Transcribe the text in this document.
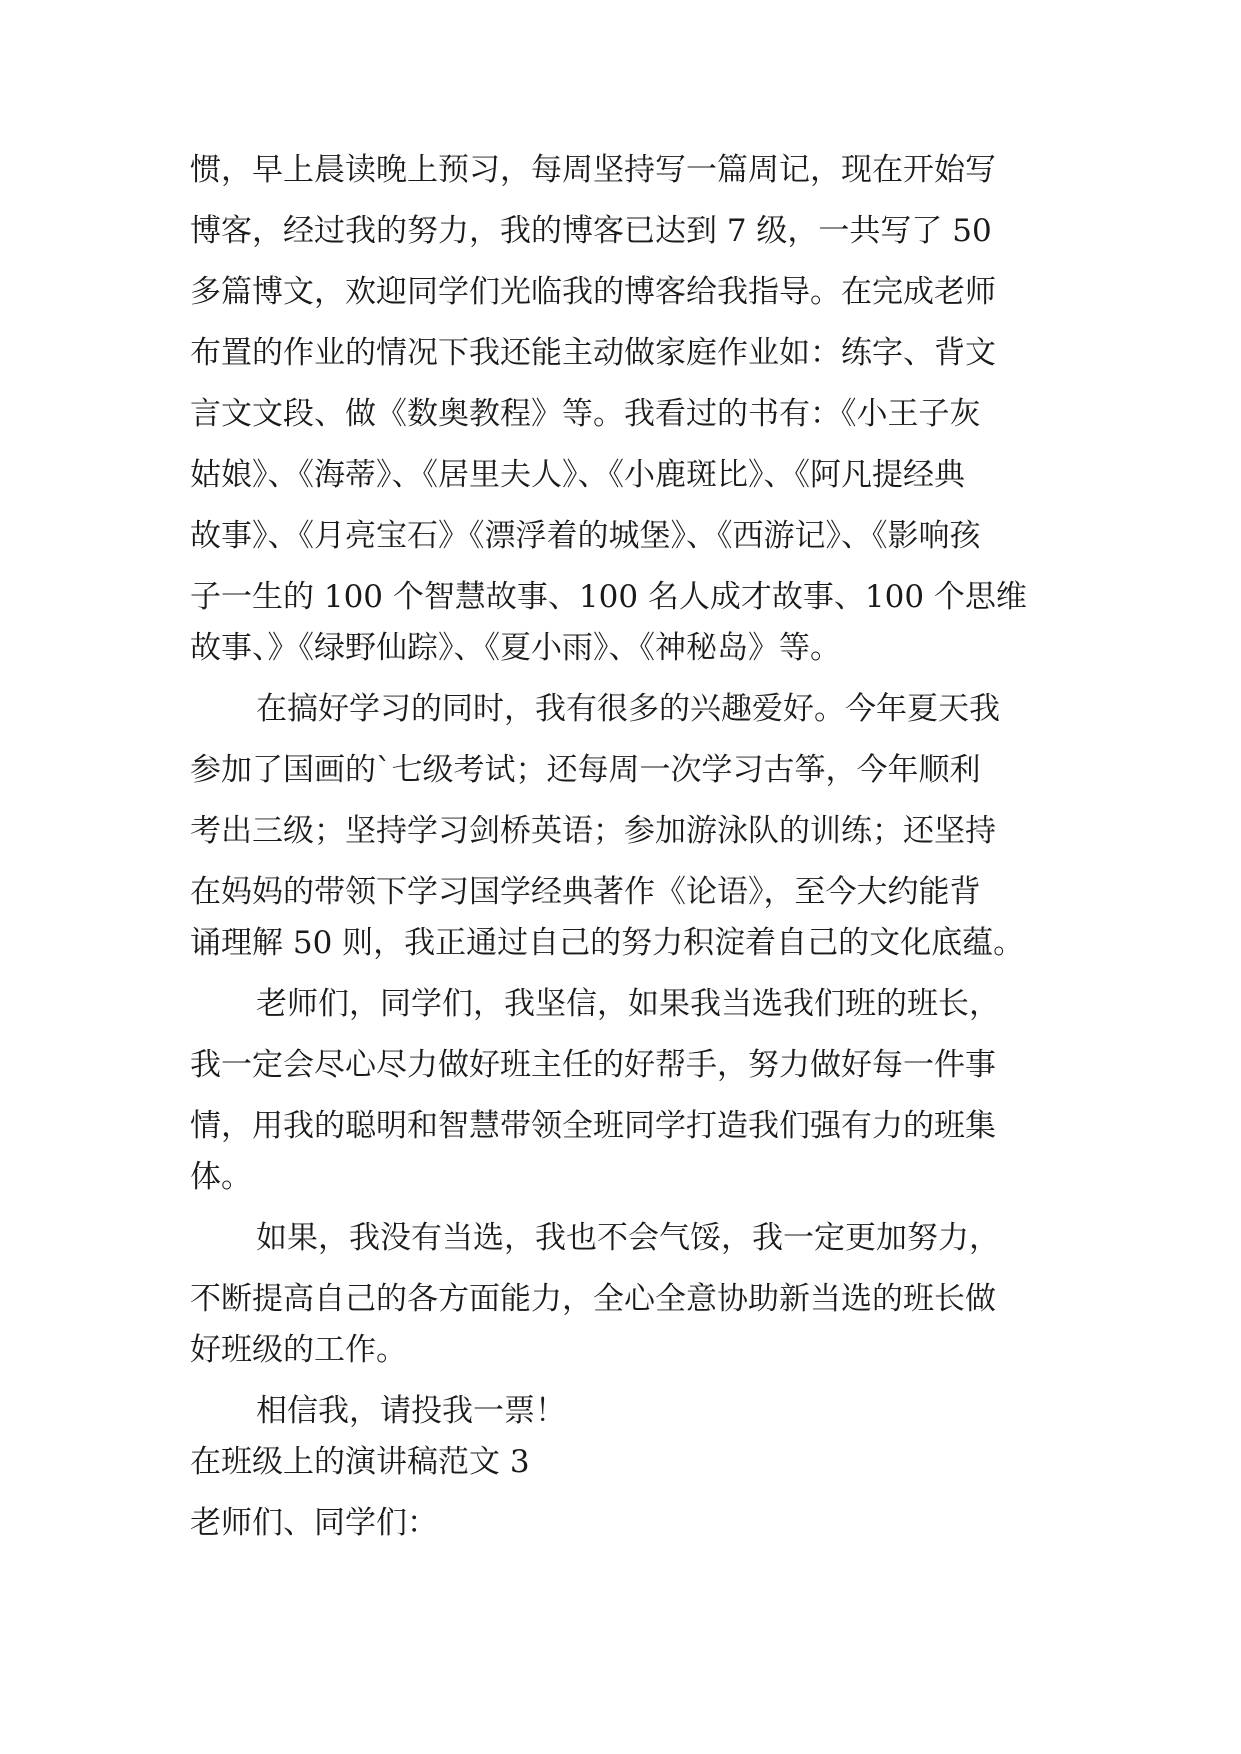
惯，早上晨读晚上预习，每周坚持写一篇周记，现在开始写
博客，经过我的努力，我的博客已达到 7 级，一共写了 50
多篇博文，欢迎同学们光临我的博客给我指导。在完成老师
布置的作业的情况下我还能主动做家庭作业如：练字、背文
言文文段、做《数奥教程》等。我看过的书有：《小王子灰
姑娘》、《海蒂》、《居里夫人》、《小鹿斑比》、《阿凡提经典
故事》、《月亮宝石》《漂浮着的城堡》、《西游记》、《影响孩
子一生的 100 个智慧故事、100 名人成才故事、100 个思维
故事、》《绿野仙踪》、《夏小雨》、《神秘岛》等。
在搞好学习的同时，我有很多的兴趣爱好。今年夏天我
参加了国画的`七级考试；还每周一次学习古筝，今年顺利
考出三级；坚持学习剑桥英语；参加游泳队的训练；还坚持
在妈妈的带领下学习国学经典著作《论语》，至今大约能背
诵理解 50 则，我正通过自己的努力积淀着自己的文化底蕴。
老师们，同学们，我坚信，如果我当选我们班的班长，
我一定会尽心尽力做好班主任的好帮手，努力做好每一件事
情，用我的聪明和智慧带领全班同学打造我们强有力的班集
体。
如果，我没有当选，我也不会气馁，我一定更加努力，
不断提高自己的各方面能力，全心全意协助新当选的班长做
好班级的工作。
相信我，请投我一票！
在班级上的演讲稿范文 3
老师们、同学们：
